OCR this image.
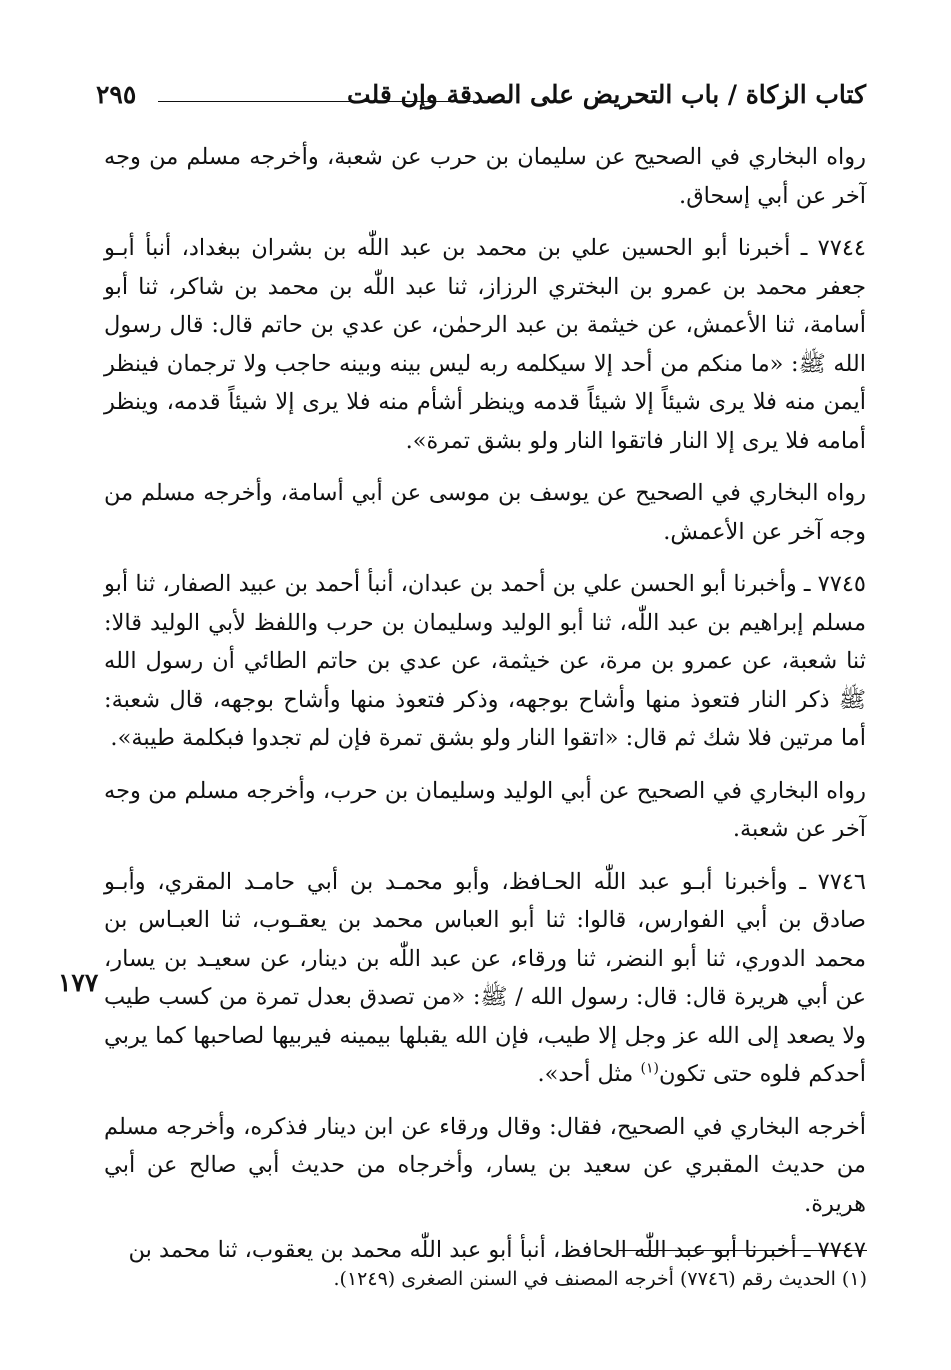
كتاب الزكاة / باب التحريض على الصدقة وإن قلت
٢٩٥
١٧٧

رواه البخاري في الصحيح عن سليمان بن حرب عن شعبة، وأخرجه مسلم من وجه آخر عن أبي إسحاق.

٧٧٤٤ ـ أخبرنا أبو الحسين علي بن محمد بن عبد اللّٰه بن بشران ببغداد، أنبأ أبـو جعفر محمد بن عمرو بن البختري الرزاز، ثنا عبد اللّٰه بن محمد بن شاكر، ثنا أبو أسامة، ثنا الأعمش، عن خيثمة بن عبد الرحمٰن، عن عدي بن حاتم قال: قال رسول الله ﷺ: «ما منكم من أحد إلا سيكلمه ربه ليس بينه وبينه حاجب ولا ترجمان فينظر أيمن منه فلا يرى شيئاً إلا شيئاً قدمه وينظر أشأم منه فلا يرى إلا شيئاً قدمه، وينظر أمامه فلا يرى إلا النار فاتقوا النار ولو بشق تمرة».

رواه البخاري في الصحيح عن يوسف بن موسى عن أبي أسامة، وأخرجه مسلم من وجه آخر عن الأعمش.

٧٧٤٥ ـ وأخبرنا أبو الحسن علي بن أحمد بن عبدان، أنبأ أحمد بن عبيد الصفار، ثنا أبو مسلم إبراهيم بن عبد اللّٰه، ثنا أبو الوليد وسليمان بن حرب واللفظ لأبي الوليد قالا: ثنا شعبة، عن عمرو بن مرة، عن خيثمة، عن عدي بن حاتم الطائي أن رسول الله ﷺ ذكر النار فتعوذ منها وأشاح بوجهه، وذكر فتعوذ منها وأشاح بوجهه، قال شعبة: أما مرتين فلا شك ثم قال: «اتقوا النار ولو بشق تمرة فإن لم تجدوا فبكلمة طيبة».

رواه البخاري في الصحيح عن أبي الوليد وسليمان بن حرب، وأخرجه مسلم من وجه آخر عن شعبة.

٧٧٤٦ ـ وأخبرنا أبـو عبد اللّٰه الحـافظ، وأبو محمـد بن أبي حامـد المقري، وأبـو صادق بن أبي الفوارس، قالوا: ثنا أبو العباس محمد بن يعقـوب، ثنا العبـاس بن محمد الدوري، ثنا أبو النضر، ثنا ورقاء، عن عبد اللّٰه بن دينار، عن سعيـد بن يسار، عن أبي هريرة قال: قال: رسول الله / ﷺ: «من تصدق بعدل تمرة من كسب طيب ولا يصعد إلى الله عز وجل إلا طيب، فإن الله يقبلها بيمينه فيربيها لصاحبها كما يربي أحدكم فلوه حتى تكون$^{(١)}$ مثل أحد».

أخرجه البخاري في الصحيح، فقال: وقال ورقاء عن ابن دينار فذكره، وأخرجه مسلم من حديث المقبري عن سعيد بن يسار، وأخرجاه من حديث أبي صالح عن أبي هريرة.

٧٧٤٧ ـ أخبرنا أبو عبد اللّٰه الحافظ، أنبأ أبو عبد اللّٰه محمد بن يعقوب، ثنا محمد بن

(١) الحديث رقم (٧٧٤٦) أخرجه المصنف في السنن الصغرى (١٢٤٩).
